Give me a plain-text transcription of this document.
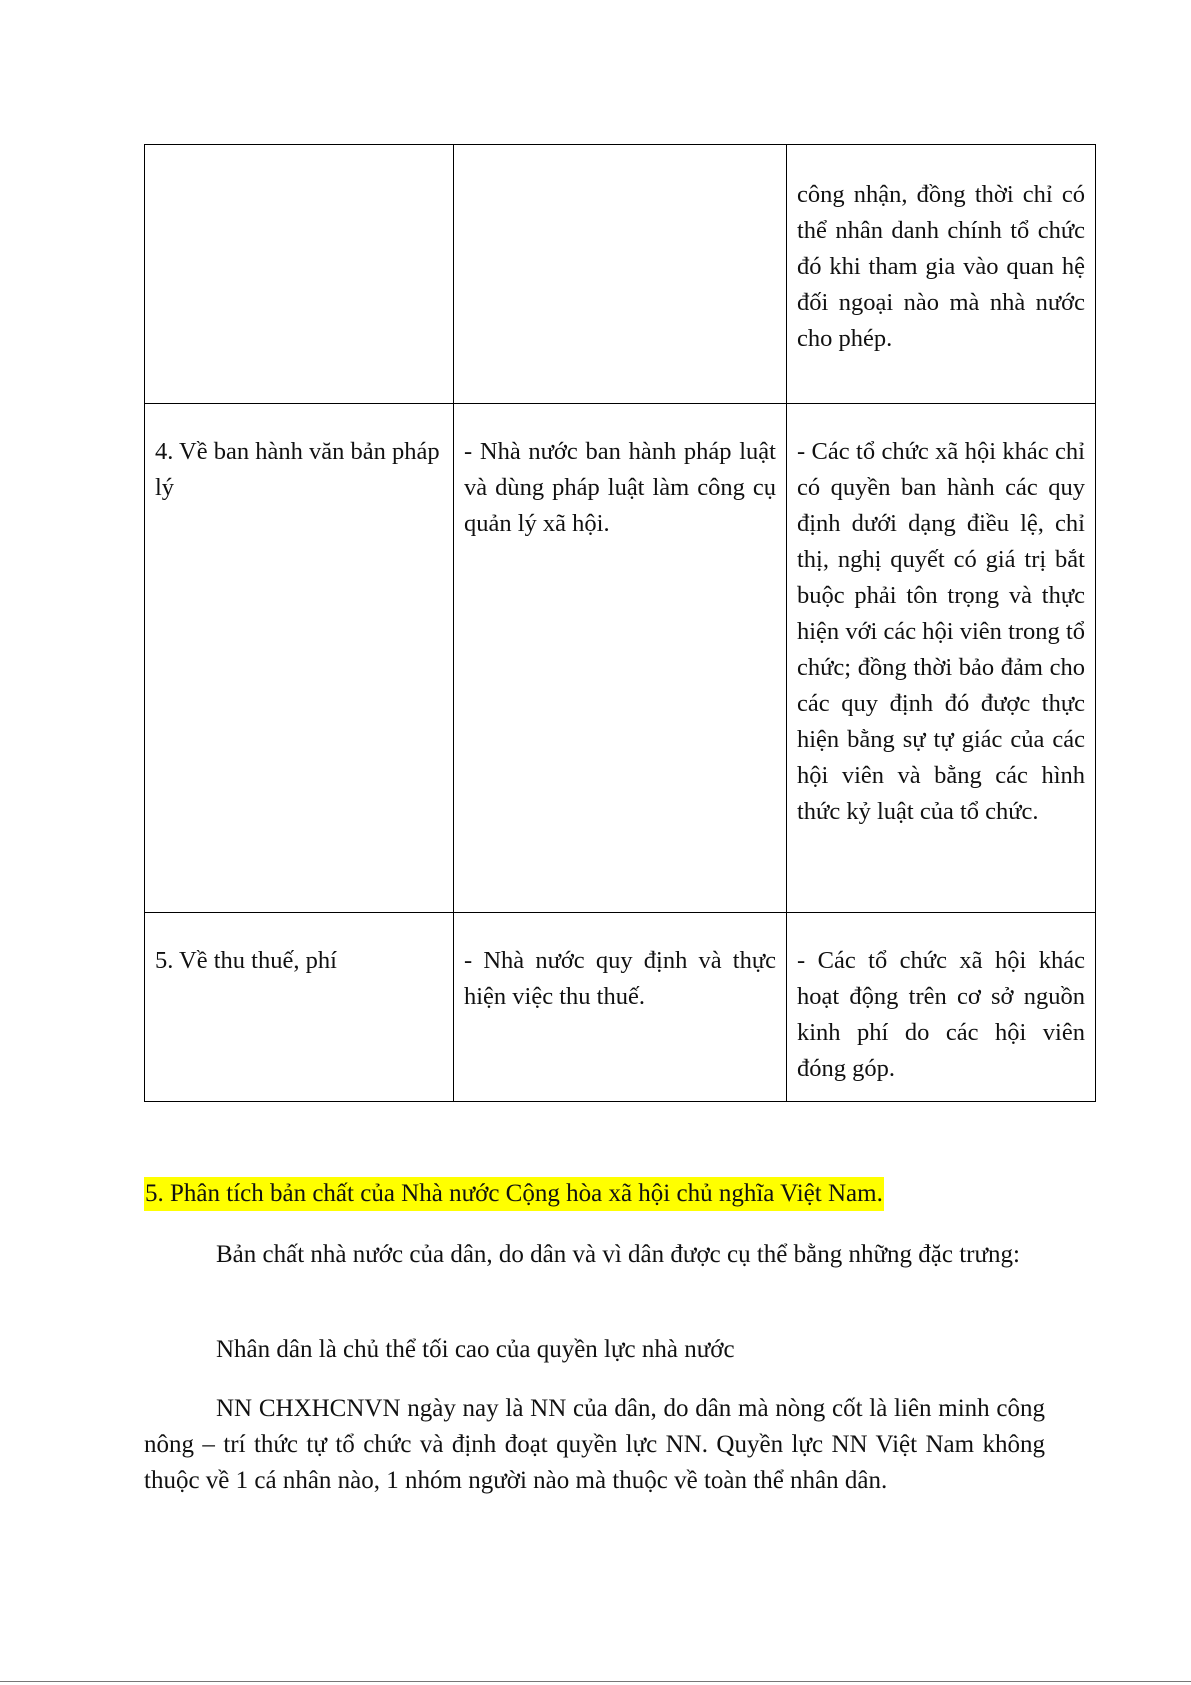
		công nhận, đồng thời chỉ có thể nhân danh chính tổ chức đó khi tham gia vào quan hệ đối ngoại nào mà nhà nước cho phép.
4. Về ban hành văn bản pháp lý	- Nhà nước ban hành pháp luật và dùng pháp luật làm công cụ quản lý xã hội.	- Các tổ chức xã hội khác chỉ có quyền ban hành các quy định dưới dạng điều lệ, chỉ thị, nghị quyết có giá trị bắt buộc phải tôn trọng và thực hiện với các hội viên trong tổ chức; đồng thời bảo đảm cho các quy định đó được thực hiện bằng sự tự giác của các hội viên và bằng các hình thức kỷ luật của tổ chức.
5. Về thu thuế, phí	- Nhà nước quy định và thực hiện việc thu thuế.	- Các tổ chức xã hội khác hoạt động trên cơ sở nguồn kinh phí do các hội viên đóng góp.
5. Phân tích bản chất của Nhà nước Cộng hòa xã hội chủ nghĩa Việt Nam.

Bản chất nhà nước của dân, do dân và vì dân được cụ thể bằng những đặc trưng:

Nhân dân là chủ thể tối cao của quyền lực nhà nước

NN CHXHCNVN ngày nay là NN của dân, do dân mà nòng cốt là liên minh công nông – trí thức tự tổ chức và định đoạt quyền lực NN. Quyền lực NN Việt Nam không thuộc về 1 cá nhân nào, 1 nhóm người nào mà thuộc về toàn thể nhân dân.
